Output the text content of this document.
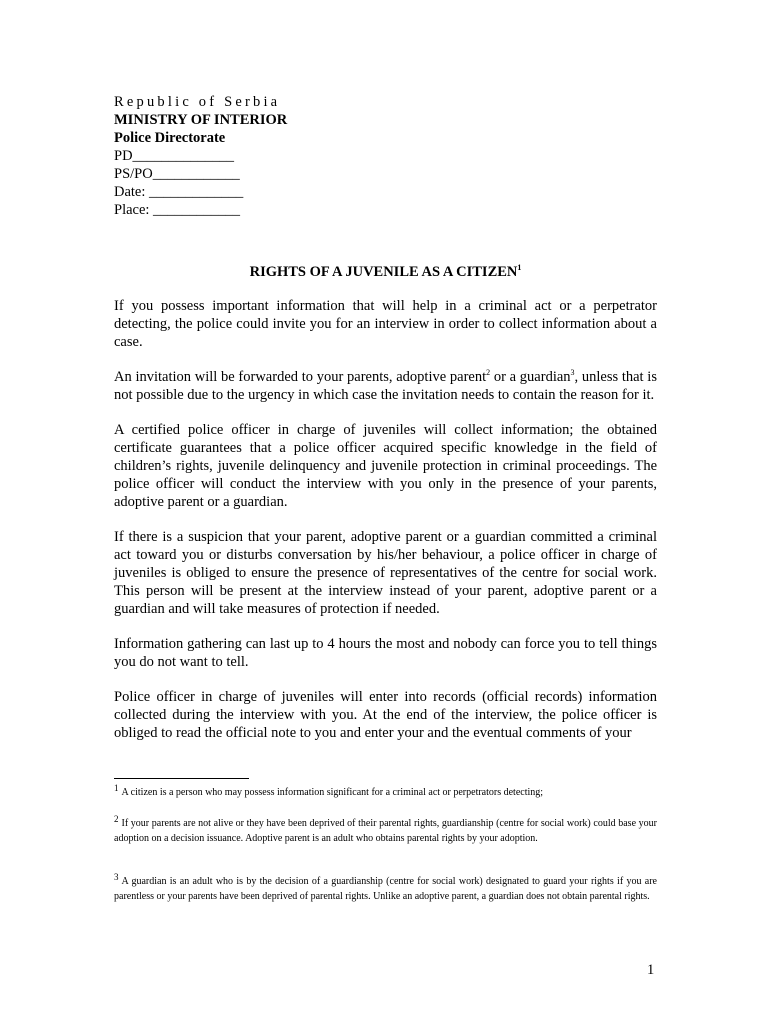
Republic of Serbia
MINISTRY OF INTERIOR
Police Directorate
PD______________
PS/PO____________
Date: _____________
Place: ____________
RIGHTS OF A JUVENILE AS A CITIZEN$^1$

If you possess important information that will help in a criminal act or a perpetrator detecting, the police could invite you for an interview in order to collect information about a case.

An invitation will be forwarded to your parents, adoptive parent$^2$ or a guardian$^3$, unless that is not possible due to the urgency in which case the invitation needs to contain the reason for it.

A certified police officer in charge of juveniles will collect information; the obtained certificate guarantees that a police officer acquired specific knowledge in the field of children’s rights, juvenile delinquency and juvenile protection in criminal proceedings. The police officer will conduct the interview with you only in the presence of your parents, adoptive parent or a guardian.

If there is a suspicion that your parent, adoptive parent or a guardian committed a criminal act toward you or disturbs conversation by his/her behaviour, a police officer in charge of juveniles is obliged to ensure the presence of representatives of the centre for social work. This person will be present at the interview instead of your parent, adoptive parent or a guardian and will take measures of protection if needed.

Information gathering can last up to 4 hours the most and nobody can force you to tell things you do not want to tell.

Police officer in charge of juveniles will enter into records (official records) information collected during the interview with you. At the end of the interview, the police officer is obliged to read the official note to you and enter your and the eventual comments of your

1 A citizen is a person who may possess information significant for a criminal act or perpetrators detecting;
2 If your parents are not alive or they have been deprived of their parental rights, guardianship (centre for social work) could base your adoption on a decision issuance. Adoptive parent is an adult who obtains parental rights by your adoption.
3 A guardian is an adult who is by the decision of a guardianship (centre for social work) designated to guard your rights if you are parentless or your parents have been deprived of parental rights. Unlike an adoptive parent, a guardian does not obtain parental rights.
1
